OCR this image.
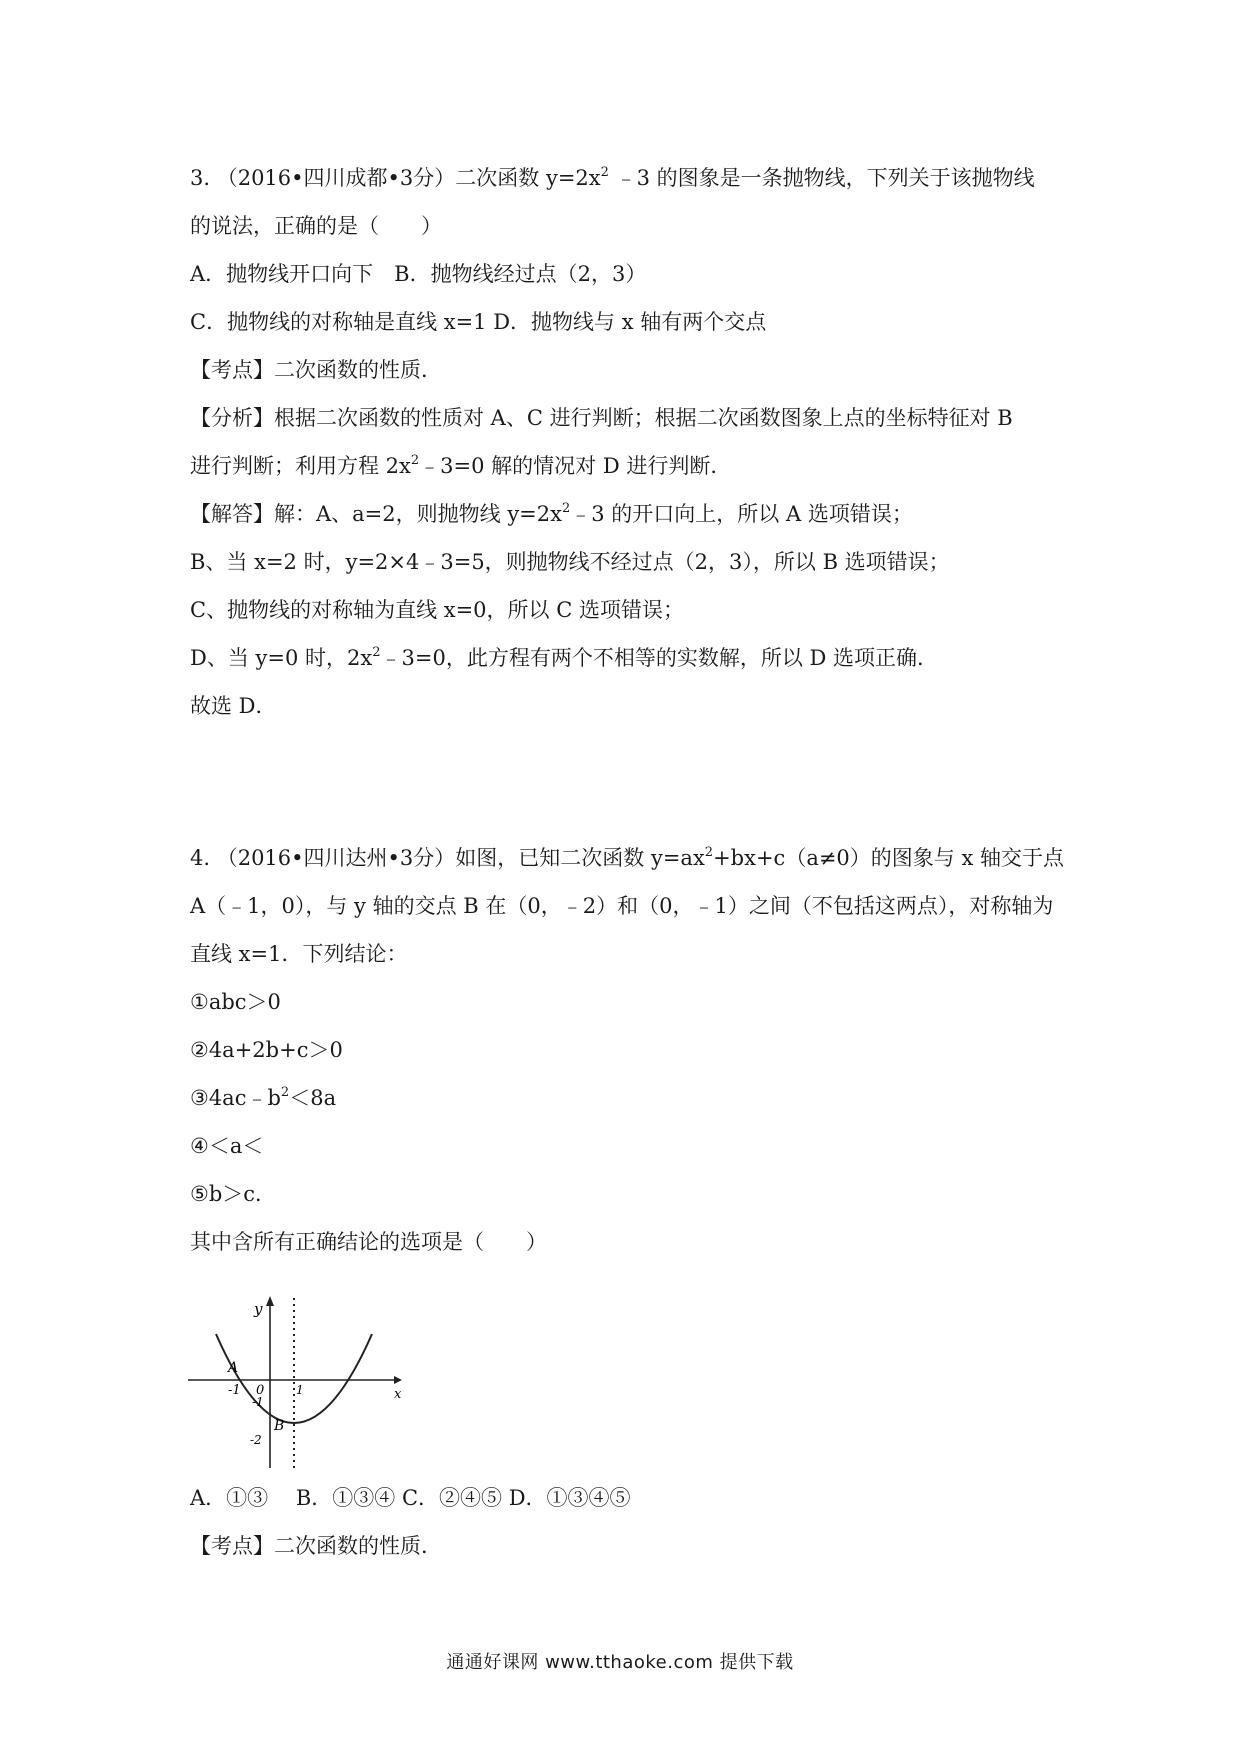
3. （2016•四川成都•3分）二次函数 $y=2x^2$ ﹣3 的图象是一条抛物线，下列关于该抛物线
的说法，正确的是（　　）
A．抛物线开口向下　B．抛物线经过点（2，3）
C．抛物线的对称轴是直线 x=1 D．抛物线与 x 轴有两个交点
【考点】二次函数的性质．
【分析】根据二次函数的性质对 A、C 进行判断；根据二次函数图象上点的坐标特征对 B
进行判断；利用方程 $2x^2﹣3=0$ 解的情况对 D 进行判断．
【解答】解：A、a=2，则抛物线 $y=2x^2﹣3$ 的开口向上，所以 A 选项错误；
B、当 x=2 时，y=2×4﹣3=5，则抛物线不经过点（2，3），所以 B 选项错误；
C、抛物线的对称轴为直线 x=0，所以 C 选项错误；
D、当 y=0 时，$2x^2﹣3=0$，此方程有两个不相等的实数解，所以 D 选项正确．
故选 D．
4. （2016•四川达州•3分）如图，已知二次函数 $y=ax^2+bx+c(a\ne 0)$的图象与 x 轴交于点
A（﹣1，0），与 y 轴的交点 B 在（0，﹣2）和（0，﹣1）之间（不包括这两点），对称轴为
直线 x=1．下列结论：
①abc＞0
②4a+2b+c＞0
$③4ac﹣b^2<8a$
④＜a＜
⑤b＞c．
其中含所有正确结论的选项是（　　）
y
x
A
-1 0	1
-1
B
-2
A．①③　 B．①③④ C．②④⑤ D．①③④⑤
【考点】二次函数的性质．
通通好课网 www.tthaoke.com 提供下载
